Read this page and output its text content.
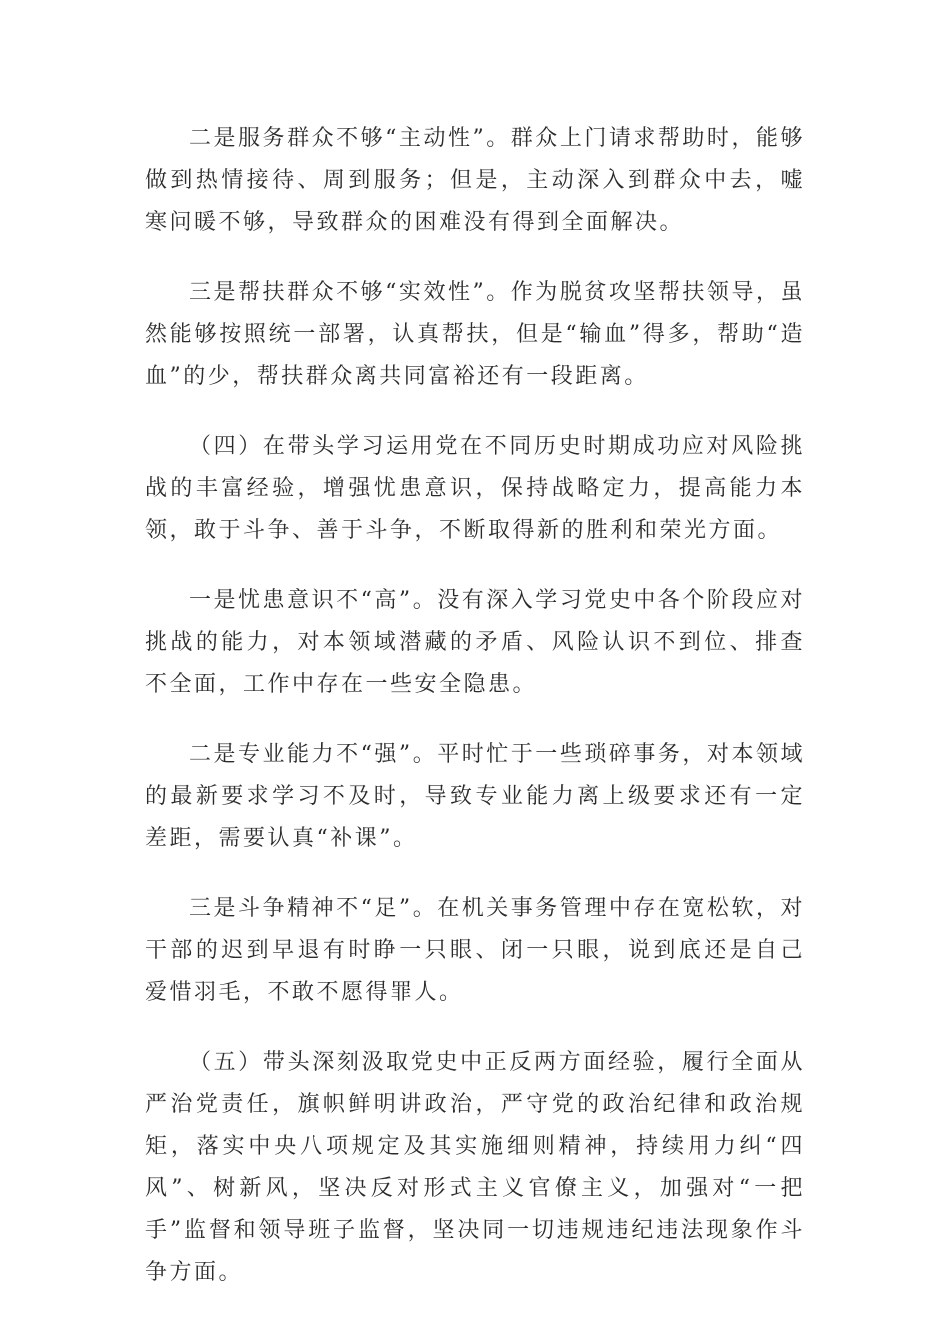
二是服务群众不够“主动性”。群众上门请求帮助时，能够做到热情接待、周到服务；但是，主动深入到群众中去，嘘寒问暖不够，导致群众的困难没有得到全面解决。

三是帮扶群众不够“实效性”。作为脱贫攻坚帮扶领导，虽然能够按照统一部署，认真帮扶，但是“输血”得多，帮助“造血”的少，帮扶群众离共同富裕还有一段距离。

（四）在带头学习运用党在不同历史时期成功应对风险挑战的丰富经验，增强忧患意识，保持战略定力，提高能力本领，敢于斗争、善于斗争，不断取得新的胜利和荣光方面。

一是忧患意识不“高”。没有深入学习党史中各个阶段应对挑战的能力，对本领域潜藏的矛盾、风险认识不到位、排查不全面，工作中存在一些安全隐患。

二是专业能力不“强”。平时忙于一些琐碎事务，对本领域的最新要求学习不及时，导致专业能力离上级要求还有一定差距，需要认真“补课”。

三是斗争精神不“足”。在机关事务管理中存在宽松软，对干部的迟到早退有时睁一只眼、闭一只眼，说到底还是自己爱惜羽毛，不敢不愿得罪人。

（五）带头深刻汲取党史中正反两方面经验，履行全面从严治党责任，旗帜鲜明讲政治，严守党的政治纪律和政治规矩，落实中央八项规定及其实施细则精神，持续用力纠“四风”、树新风，坚决反对形式主义官僚主义，加强对“一把手”监督和领导班子监督，坚决同一切违规违纪违法现象作斗争方面。
